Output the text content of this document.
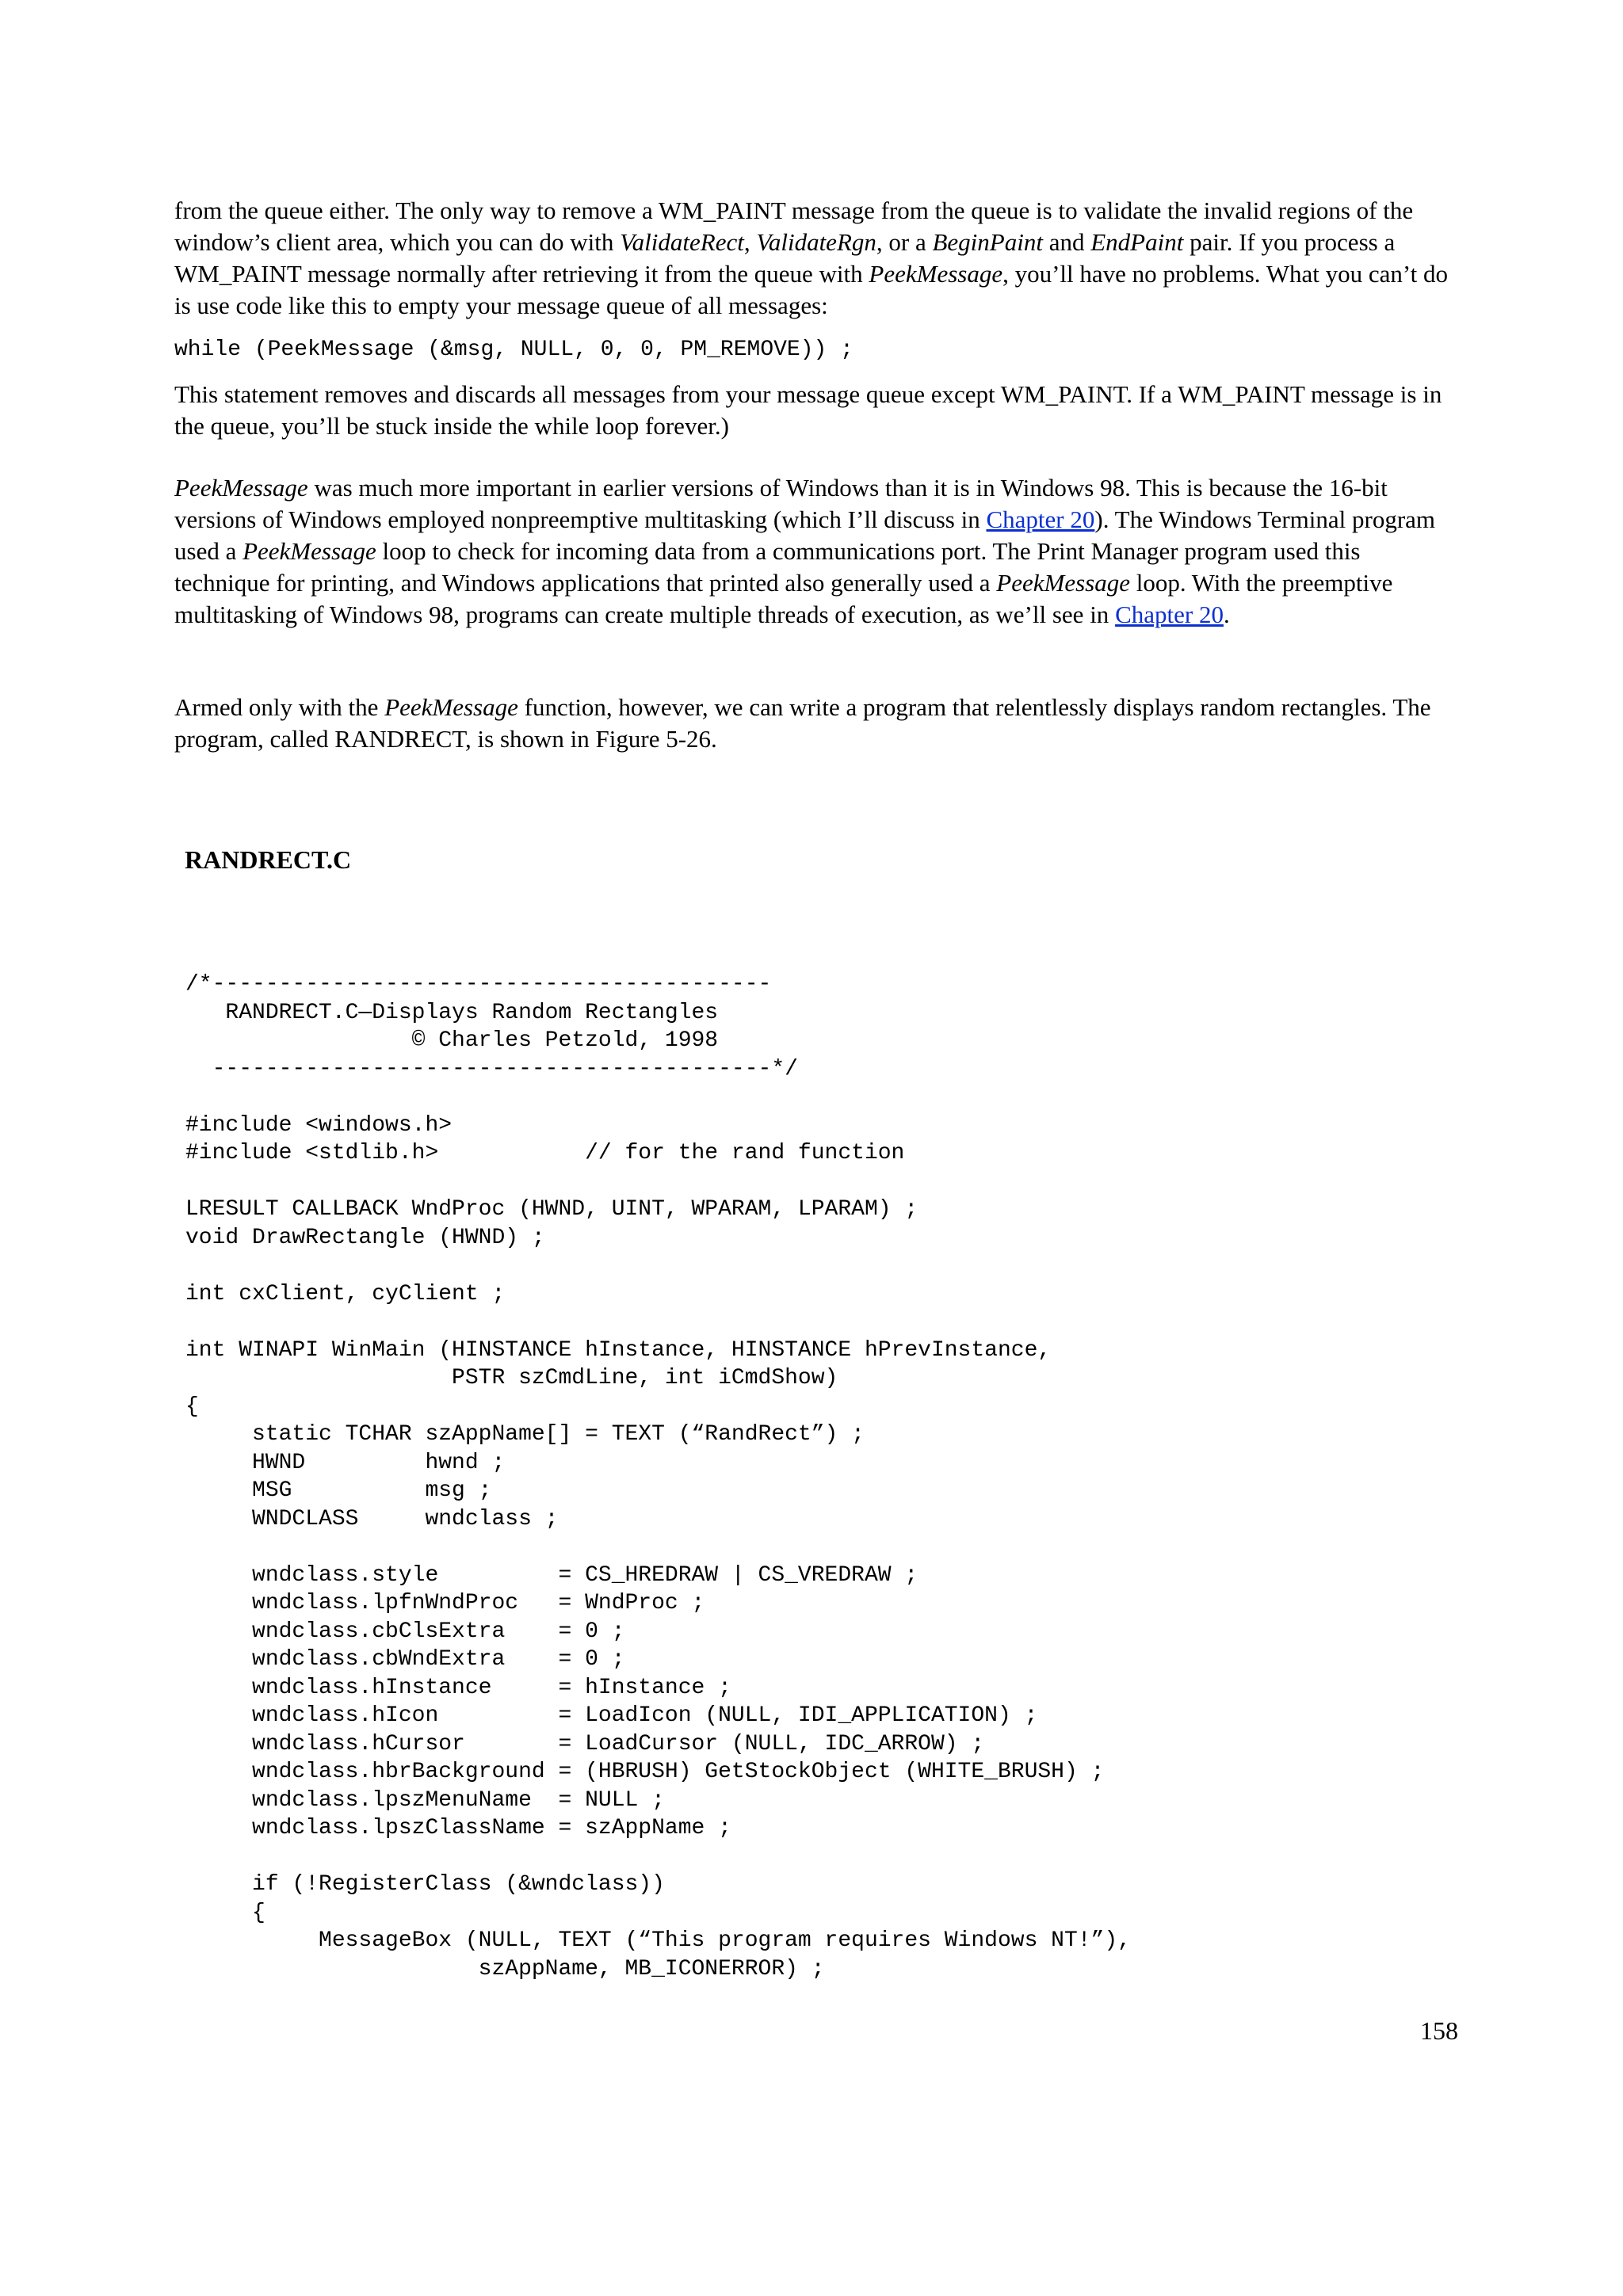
from the queue either. The only way to remove a WM_PAINT message from the queue is to validate the invalid regions of the window’s client area, which you can do with ValidateRect, ValidateRgn, or a BeginPaint and EndPaint pair. If you process a WM_PAINT message normally after retrieving it from the queue with PeekMessage, you’ll have no problems. What you can’t do is use code like this to empty your message queue of all messages:

while (PeekMessage (&msg, NULL, 0, 0, PM_REMOVE)) ;

This statement removes and discards all messages from your message queue except WM_PAINT. If a WM_PAINT message is in the queue, you’ll be stuck inside the while loop forever.)

PeekMessage was much more important in earlier versions of Windows than it is in Windows 98. This is because the 16-bit versions of Windows employed nonpreemptive multitasking (which I’ll discuss in Chapter 20). The Windows Terminal program used a PeekMessage loop to check for incoming data from a communications port. The Print Manager program used this technique for printing, and Windows applications that printed also generally used a PeekMessage loop. With the preemptive multitasking of Windows 98, programs can create multiple threads of execution, as we’ll see in Chapter 20.

Armed only with the PeekMessage function, however, we can write a program that relentlessly displays random rectangles. The program, called RANDRECT, is shown in Figure 5-26.

RANDRECT.C
/*------------------------------------------
RANDRECT.C—Displays Random Rectangles
© Charles Petzold, 1998
------------------------------------------*/

#include <windows.h>
#include <stdlib.h>           // for the rand function

LRESULT CALLBACK WndProc (HWND, UINT, WPARAM, LPARAM) ;
void DrawRectangle (HWND) ;

int cxClient, cyClient ;

int WINAPI WinMain (HINSTANCE hInstance, HINSTANCE hPrevInstance,
PSTR szCmdLine, int iCmdShow)
{
static TCHAR szAppName[] = TEXT (“RandRect”) ;
HWND         hwnd ;
MSG          msg ;
WNDCLASS     wndclass ;

wndclass.style         = CS_HREDRAW | CS_VREDRAW ;
wndclass.lpfnWndProc   = WndProc ;
wndclass.cbClsExtra    = 0 ;
wndclass.cbWndExtra    = 0 ;
wndclass.hInstance     = hInstance ;
wndclass.hIcon         = LoadIcon (NULL, IDI_APPLICATION) ;
wndclass.hCursor       = LoadCursor (NULL, IDC_ARROW) ;
wndclass.hbrBackground = (HBRUSH) GetStockObject (WHITE_BRUSH) ;
wndclass.lpszMenuName  = NULL ;
wndclass.lpszClassName = szAppName ;

if (!RegisterClass (&wndclass))
{
MessageBox (NULL, TEXT (“This program requires Windows NT!”),
szAppName, MB_ICONERROR) ;
158
